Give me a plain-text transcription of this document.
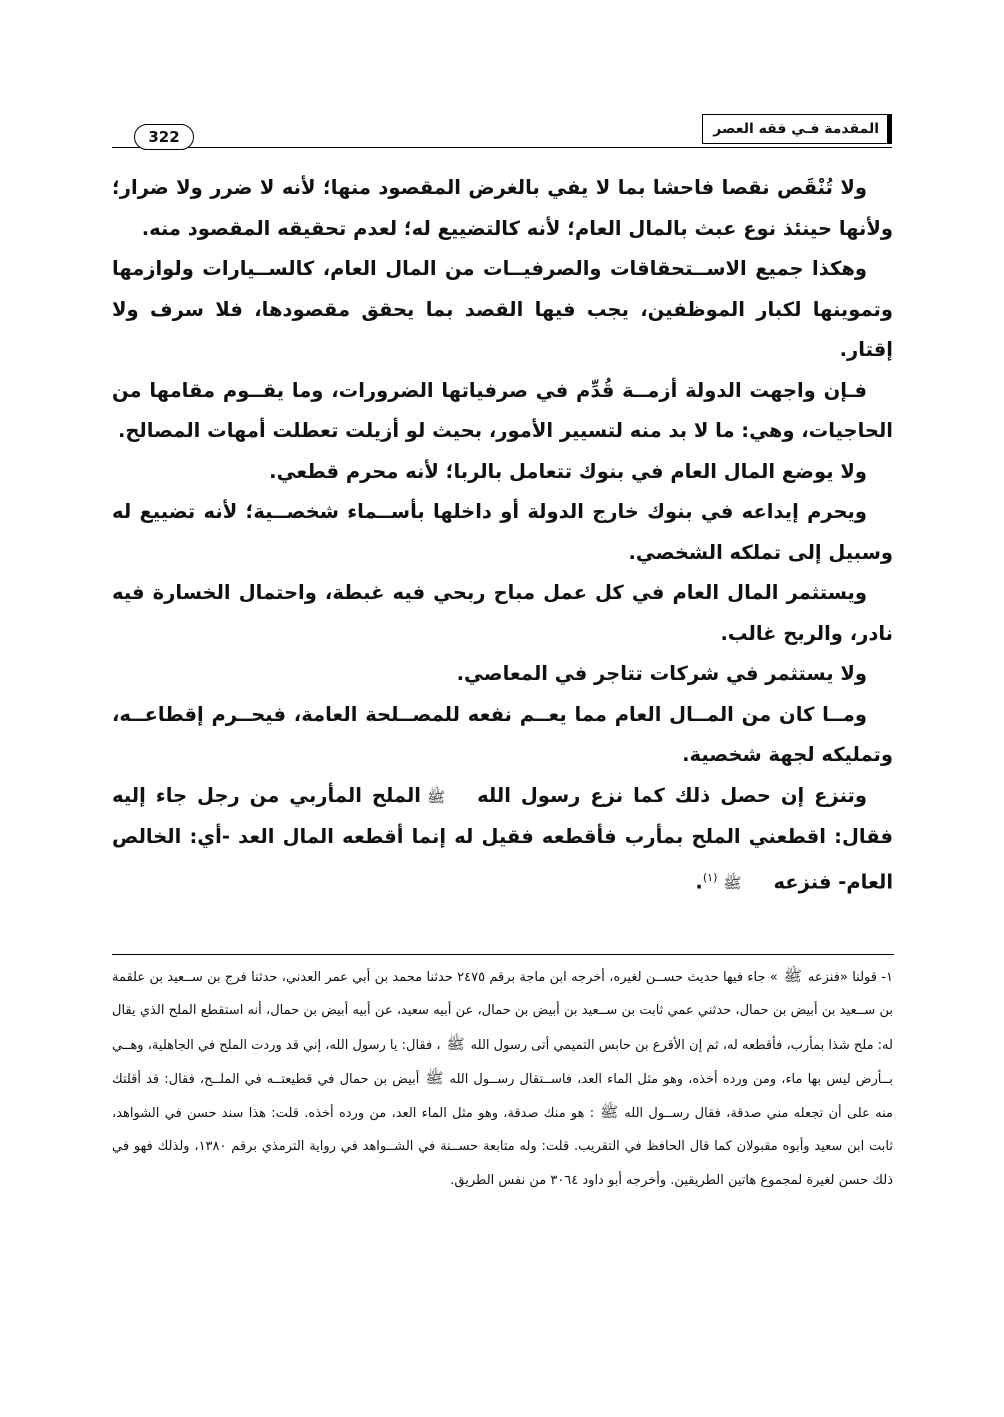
المقدمة فـي فقه العصر
322

ولا تُنْقَص نقصا فاحشا بما لا يفي بالغرض المقصود منها؛ لأنه لا ضرر ولا ضرار؛ ولأنها حينئذ نوع عبث بالمال العام؛ لأنه كالتضييع له؛ لعدم تحقيقه المقصود منه.

وهكذا جميع الاســتحقاقات والصرفيــات من المال العام، كالســيارات ولوازمها وتموينها لكبار الموظفين، يجب فيها القصد بما يحقق مقصودها، فلا سرف ولا إقتار.

فـإن واجهت الدولة أزمــة قُدِّم في صرفياتها الضرورات، وما يقــوم مقامها من الحاجيات، وهي: ما لا بد منه لتسيير الأمور، بحيث لو أزيلت تعطلت أمهات المصالح.

ولا يوضع المال العام في بنوك تتعامل بالربا؛ لأنه محرم قطعي.

ويحرم إيداعه في بنوك خارج الدولة أو داخلها بأســماء شخصــية؛ لأنه تضييع له وسبيل إلى تملكه الشخصي.

ويستثمر المال العام في كل عمل مباح ربحي فيه غبطة، واحتمال الخسارة فيه نادر، والربح غالب.

ولا يستثمر في شركات تتاجر في المعاصي.

ومــا كان من المــال العام مما يعــم نفعه للمصــلحة العامة، فيحــرم إقطاعــه، وتمليكه لجهة شخصية.

وتنزع إن حصل ذلك كما نزع رسول اللهﷺالملح المأربي من رجل جاء إليه فقال: اقطعني الملح بمأرب فأقطعه فقيل له إنما أقطعه المال العد -أي: الخالص العام- فنزعهﷺ$^{(١)}$.

١- قولنا «فنزعهﷺ» جاء فيها حديث حســن لغيره، أخرجه ابن ماجة برقم ٢٤٧٥ حدثنا محمد بن أبي عمر العدني، حدثنا فرج بن ســعيد بن علقمة بن ســعيد بن أبيض بن حمال، حدثني عمي ثابت بن ســعيد بن أبيض بن حمال، عن أبيه سعيد، عن أبيه أبيض بن حمال، أنه استقطع الملح الذي يقال له: ملح شذا بمأرب، فأقطعه له، ثم إن الأقرع بن حابس التميمي أتى رسول اللهﷺ، فقال: يا رسول الله، إني قد وردت الملح في الجاهلية، وهــي بــأرض ليس بها ماء، ومن ورده أخذه، وهو مثل الماء العد، فاســتقال رســول اللهﷺأبيض بن حمال في قطيعتــه في الملــح، فقال: قد أقلتك منه على أن تجعله مني صدقة، فقال رســول اللهﷺ: هو منك صدقة، وهو مثل الماء العد، من ورده أخذه. قلت: هذا سند حسن في الشواهد، ثابت ابن سعيد وأبوه مقبولان كما قال الحافظ في التقريب. قلت: وله متابعة حســنة في الشــواهد في رواية الترمذي برقم ١٣٨٠، ولذلك فهو في ذلك حسن لغيرة لمجموع هاتين الطريقين. وأخرجه أبو داود ٣٠٦٤ من نفس الطريق.
